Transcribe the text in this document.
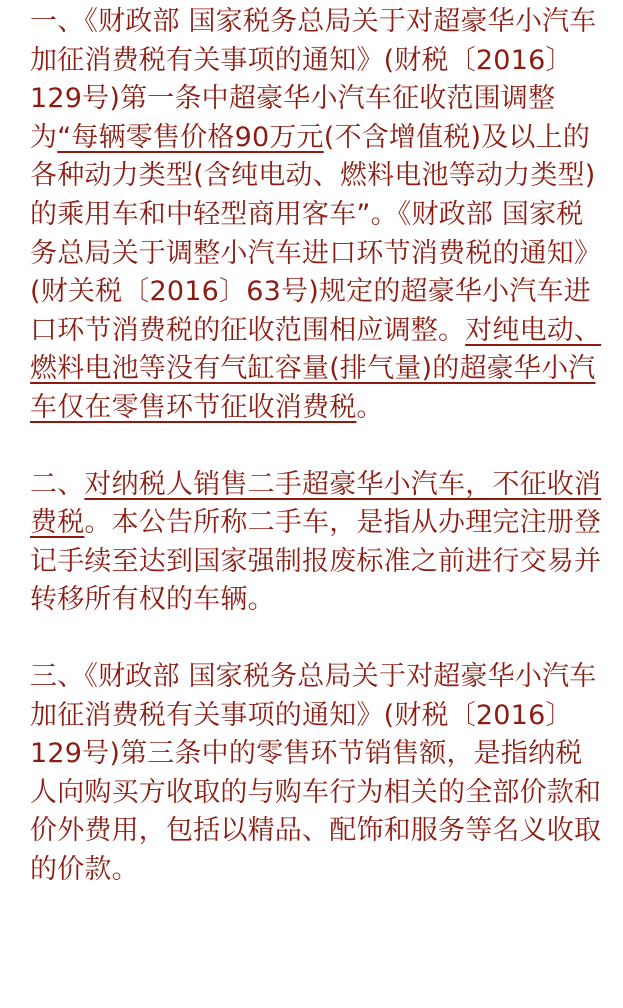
一、《财政部 国家税务总局关于对超豪华小汽车加征消费税有关事项的通知》(财税〔2016〕129号)第一条中超豪华小汽车征收范围调整为“每辆零售价格90万元(不含增值税)及以上的各种动力类型(含纯电动、燃料电池等动力类型)的乘用车和中轻型商用客车”。《财政部 国家税务总局关于调整小汽车进口环节消费税的通知》(财关税〔2016〕63号)规定的超豪华小汽车进口环节消费税的征收范围相应调整。对纯电动、燃料电池等没有气缸容量(排气量)的超豪华小汽车仅在零售环节征收消费税。

二、对纳税人销售二手超豪华小汽车，不征收消费税。本公告所称二手车，是指从办理完注册登记手续至达到国家强制报废标准之前进行交易并转移所有权的车辆。

三、《财政部 国家税务总局关于对超豪华小汽车加征消费税有关事项的通知》(财税〔2016〕129号)第三条中的零售环节销售额，是指纳税人向购买方收取的与购车行为相关的全部价款和价外费用，包括以精品、配饰和服务等名义收取的价款。
